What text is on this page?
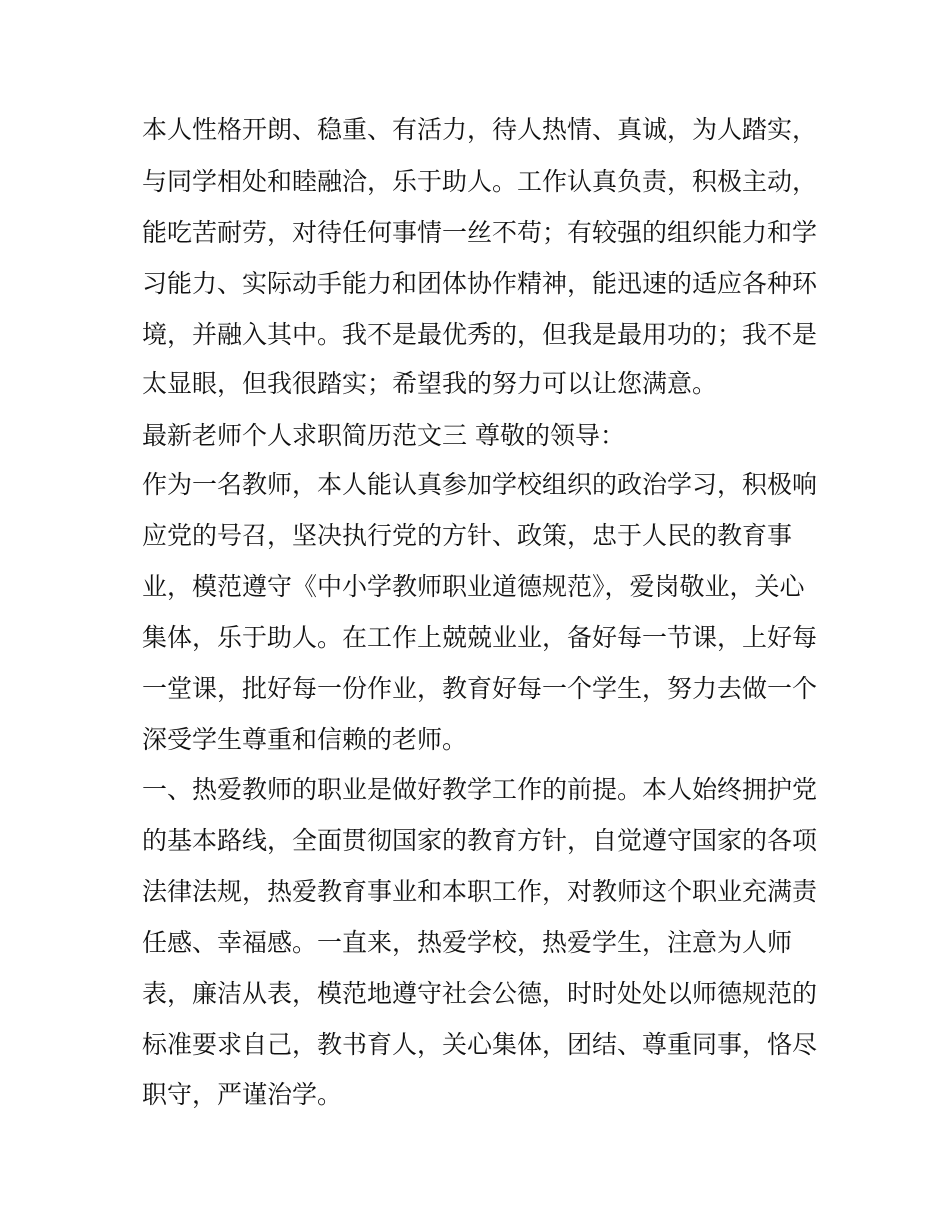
本人性格开朗、稳重、有活力，待人热情、真诚，为人踏实，
与同学相处和睦融洽，乐于助人。工作认真负责，积极主动，
能吃苦耐劳，对待任何事情一丝不苟；有较强的组织能力和学
习能力、实际动手能力和团体协作精神，能迅速的适应各种环
境，并融入其中。我不是最优秀的，但我是最用功的；我不是
太显眼，但我很踏实；希望我的努力可以让您满意。
最新老师个人求职简历范文三 尊敬的领导：
作为一名教师，本人能认真参加学校组织的政治学习，积极响
应党的号召，坚决执行党的方针、政策，忠于人民的教育事
业，模范遵守《中小学教师职业道德规范》，爱岗敬业，关心
集体，乐于助人。在工作上兢兢业业，备好每一节课，上好每
一堂课，批好每一份作业，教育好每一个学生，努力去做一个
深受学生尊重和信赖的老师。
一、热爱教师的职业是做好教学工作的前提。本人始终拥护党
的基本路线，全面贯彻国家的教育方针，自觉遵守国家的各项
法律法规，热爱教育事业和本职工作，对教师这个职业充满责
任感、幸福感。一直来，热爱学校，热爱学生，注意为人师
表，廉洁从表，模范地遵守社会公德，时时处处以师德规范的
标准要求自己，教书育人，关心集体，团结、尊重同事，恪尽
职守，严谨治学。
